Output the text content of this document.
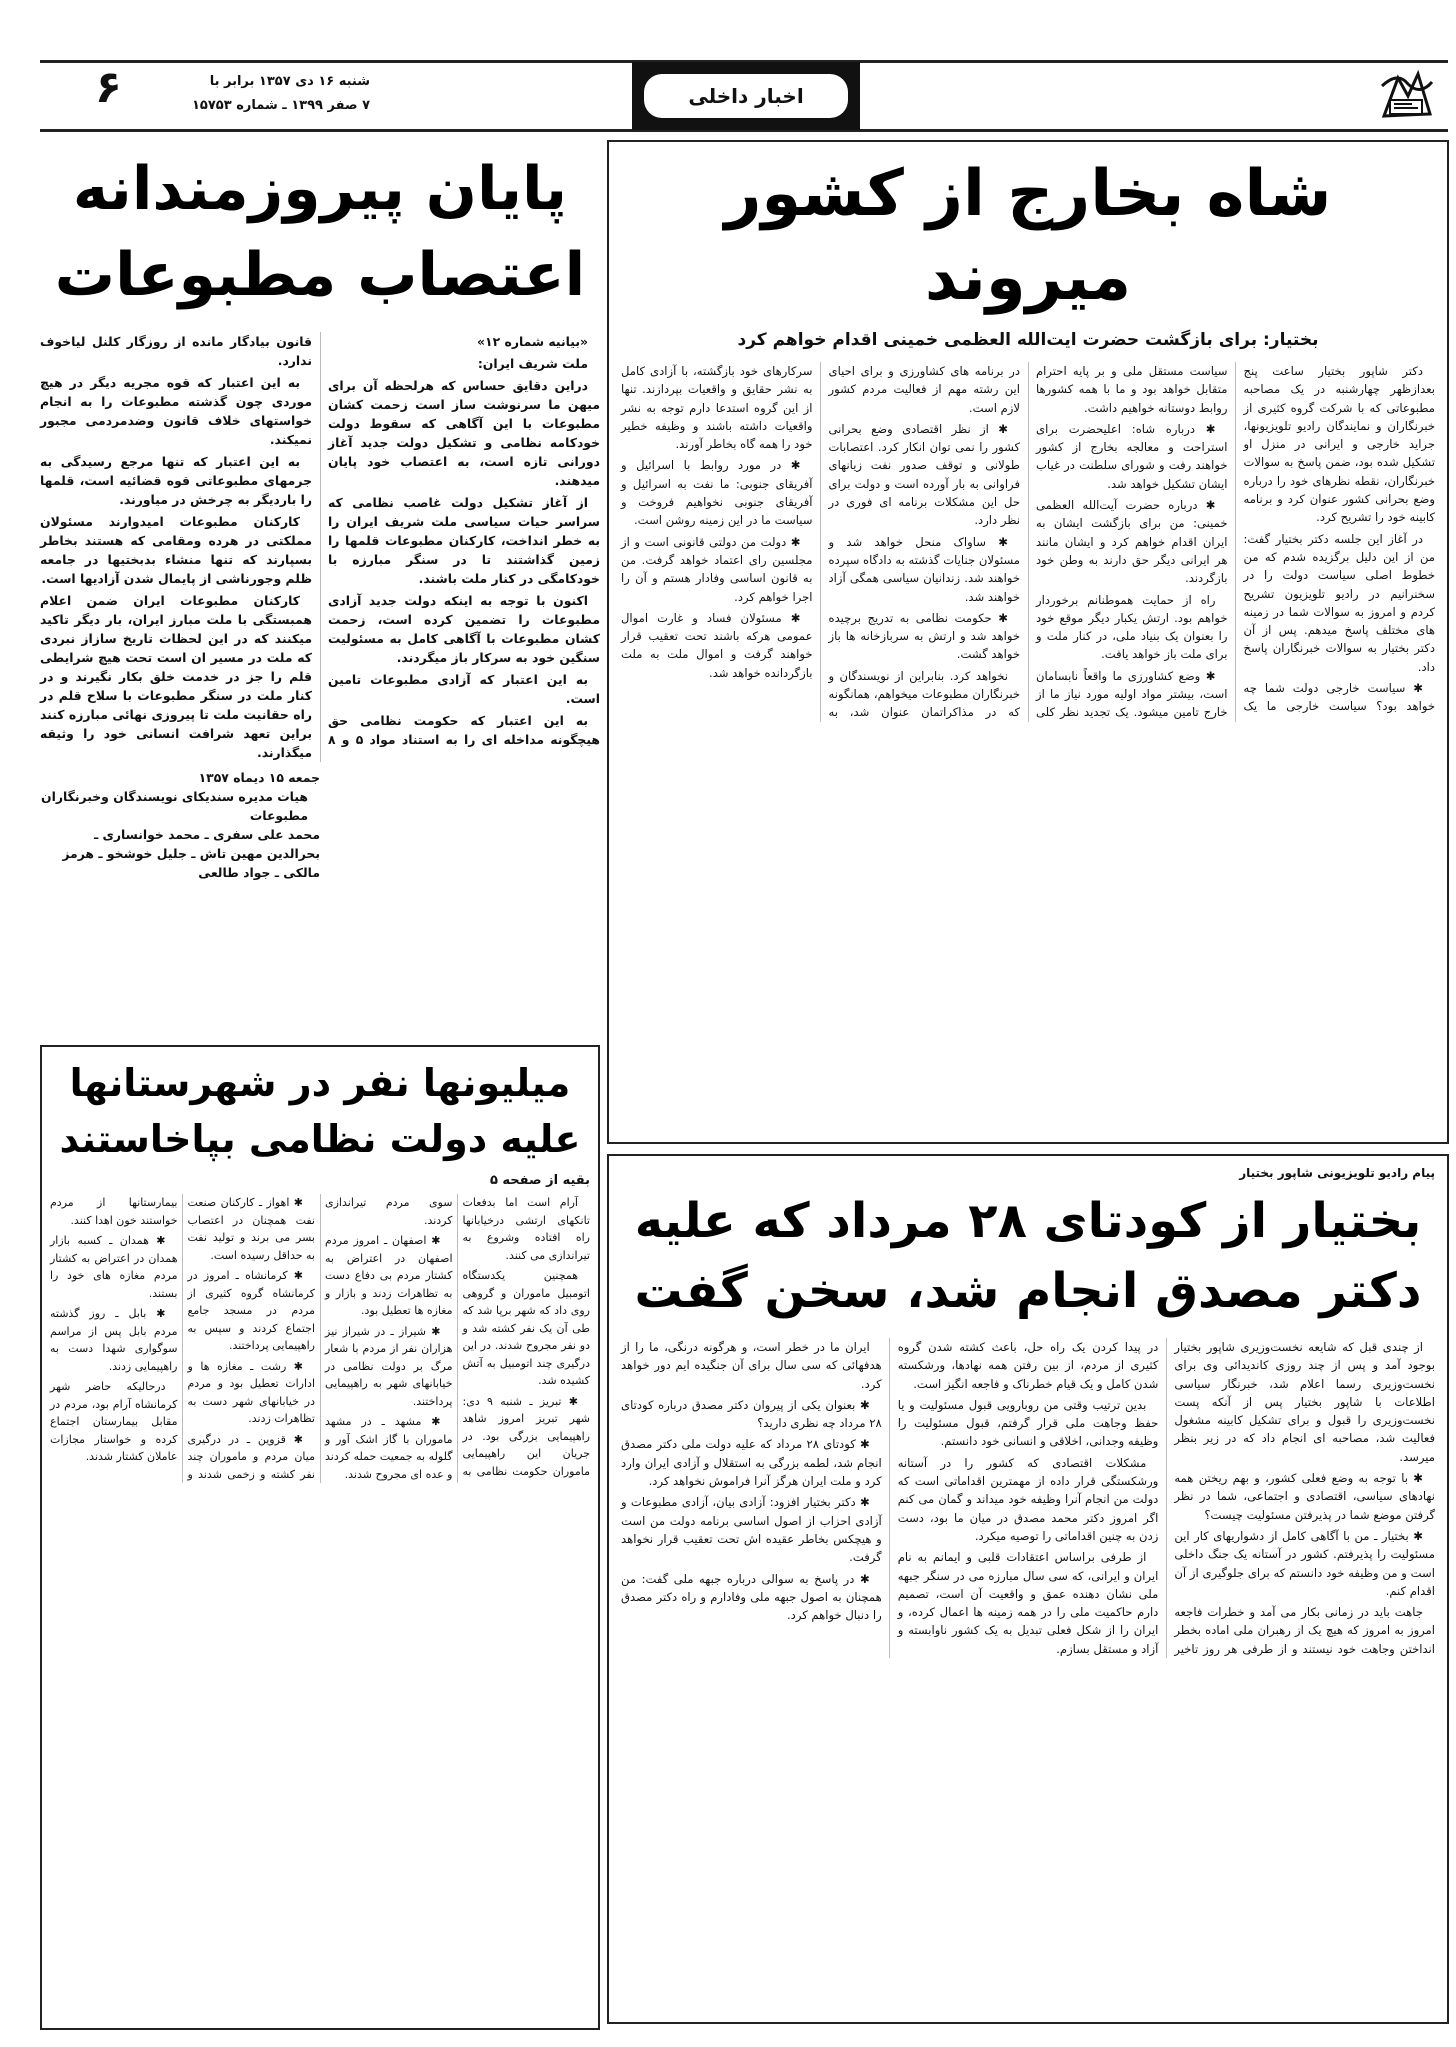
۶	شنبه ۱۶ دی ۱۳۵۷ برابر با
۷ صفر ۱۳۹۹ ـ شماره ۱۵۷۵۳	اخبار داخلی
شاه بخارج از کشور میروند
بختیار: برای بازگشت حضرت ایت‌الله العظمی خمینی اقدام خواهم کرد

دکتر شاپور بختیار ساعت پنج بعدازظهر چهارشنبه در یک مصاحبه مطبوعاتی که با شرکت گروه کثیری از خبرنگاران و نمایندگان رادیو تلویزیونها، جراید خارجی و ایرانی در منزل او تشکیل شده بود، ضمن پاسخ به سوالات خبرنگاران، نقطه نظرهای خود را درباره وضع بحرانی کشور عنوان کرد و برنامه کابینه خود را تشریح کرد.

در آغاز این جلسه دکتر بختیار گفت: من از این دلیل برگزیده شدم که من خطوط اصلی سیاست دولت را در سخنرانیم در رادیو تلویزیون تشریح کردم و امروز به سوالات شما در زمینه های مختلف پاسخ میدهم. پس از آن دکتر بختیار به سوالات خبرنگاران پاسخ داد.

✱ سیاست خارجی دولت شما چه خواهد بود؟ سیاست خارجی ما یک سیاست مستقل ملی و بر پایه احترام متقابل خواهد بود و ما با همه کشورها روابط دوستانه خواهیم داشت.

✱ درباره شاه: اعلیحضرت برای استراحت و معالجه بخارج از کشور خواهند رفت و شورای سلطنت در غیاب ایشان تشکیل خواهد شد.

✱ درباره حضرت آیت‌الله العظمی خمینی: من برای بازگشت ایشان به ایران اقدام خواهم کرد و ایشان مانند هر ایرانی دیگر حق دارند به وطن خود بازگردند.

راه از حمایت هموطنانم برخوردار خواهم بود. ارتش یکبار دیگر موقع خود را بعنوان یک بنیاد ملی، در کنار ملت و برای ملت باز خواهد یافت.

✱ وضع کشاورزی ما واقعاً نابسامان است، بیشتر مواد اولیه مورد نیاز ما از خارج تامین میشود. یک تجدید نظر کلی در برنامه های کشاورزی و برای احیای این رشته مهم از فعالیت مردم کشور لازم است.

✱ از نظر اقتصادی وضع بحرانی کشور را نمی توان انکار کرد. اعتصابات طولانی و توقف صدور نفت زیانهای فراوانی به بار آورده است و دولت برای حل این مشکلات برنامه ای فوری در نظر دارد.

✱ ساواک منحل خواهد شد و مسئولان جنایات گذشته به دادگاه سپرده خواهند شد. زندانیان سیاسی همگی آزاد خواهند شد.

✱ حکومت نظامی به تدریج برچیده خواهد شد و ارتش به سربازخانه ها باز خواهد گشت.

نخواهد کرد. بنابراین از نویسندگان و خبرنگاران مطبوعات میخواهم، همانگونه که در مذاکراتمان عنوان شد، به سرکارهای خود بازگشته، با آزادی کامل به نشر حقایق و واقعیات بپردازند. تنها از این گروه استدعا دارم توجه به نشر واقعیات داشته باشند و وظیفه خطیر خود را همه گاه بخاطر آورند.

✱ در مورد روابط با اسرائیل و آفریقای جنوبی: ما نفت به اسرائیل و آفریقای جنوبی نخواهیم فروخت و سیاست ما در این زمینه روشن است.

✱ دولت من دولتی قانونی است و از مجلسین رای اعتماد خواهد گرفت. من به قانون اساسی وفادار هستم و آن را اجرا خواهم کرد.

✱ مسئولان فساد و غارت اموال عمومی هرکه باشند تحت تعقیب قرار خواهند گرفت و اموال ملت به ملت بازگردانده خواهد شد.

پیام رادیو تلویزیونی شاپور بختیار
بختیار از کودتای ۲۸ مرداد که علیه
دکتر مصدق انجام شد، سخن گفت

از چندی قبل که شایعه نخست‌وزیری شاپور بختیار بوجود آمد و پس از چند روزی کاندیدائی وی برای نخست‌وزیری رسما اعلام شد، خبرنگار سیاسی اطلاعات با شاپور بختیار پس از آنکه پست نخست‌وزیری را قبول و برای تشکیل کابینه مشغول فعالیت شد، مصاحبه ای انجام داد که در زیر بنظر میرسد.

✱ با توجه به وضع فعلی کشور، و بهم ریختن همه نهادهای سیاسی، اقتصادی و اجتماعی، شما در نظر گرفتن موضع شما در پذیرفتن مسئولیت چیست؟

✱ بختیار ـ من با آگاهی کامل از دشواریهای کار این مسئولیت را پذیرفتم. کشور در آستانه یک جنگ داخلی است و من وظیفه خود دانستم که برای جلوگیری از آن اقدام کنم.

جاهت باید در زمانی بکار می آمد و خطرات فاجعه امروز به امروز که هیچ یک از رهبران ملی اماده بخطر انداختن وجاهت خود نیستند و از طرفی هر روز تاخیر در پیدا کردن یک راه حل، باعث کشته شدن گروه کثیری از مردم، از بین رفتن همه نهادها، ورشکسته شدن کامل و یک قیام خطرناک و فاجعه انگیز است.

بدین ترتیب وقتی من روبارویی قبول مسئولیت و یا حفظ وجاهت ملی قرار گرفتم، قبول مسئولیت را وظیفه وجدانی، اخلاقی و انسانی خود دانستم.

مشکلات اقتصادی که کشور را در آستانه ورشکستگی قرار داده از مهمترین اقداماتی است که دولت من انجام آنرا وظیفه خود میداند و گمان می کنم اگر امروز دکتر محمد مصدق در میان ما بود، دست زدن به چنین اقداماتی را توصیه میکرد.

از طرفی براساس اعتقادات قلبی و ایمانم به نام ایران و ایرانی، که سی سال مبارزه می در سنگر جبهه ملی نشان دهنده عمق و واقعیت آن است، تصمیم دارم حاکمیت ملی را در همه زمینه ها اعمال کرده، و ایران را از شکل فعلی تبدیل به یک کشور ناوابسته و آزاد و مستقل بسازم.

ایران ما در خطر است، و هرگونه درنگی، ما را از هدفهائی که سی سال برای آن جنگیده ایم دور خواهد کرد.

✱ بعنوان یکی از پیروان دکتر مصدق درباره کودتای ۲۸ مرداد چه نظری دارید؟

✱ کودتای ۲۸ مرداد که علیه دولت ملی دکتر مصدق انجام شد، لطمه بزرگی به استقلال و آزادی ایران وارد کرد و ملت ایران هرگز آنرا فراموش نخواهد کرد.

✱ دکتر بختیار افزود: آزادی بیان، آزادی مطبوعات و آزادی احزاب از اصول اساسی برنامه دولت من است و هیچکس بخاطر عقیده اش تحت تعقیب قرار نخواهد گرفت.

✱ در پاسخ به سوالی درباره جبهه ملی گفت: من همچنان به اصول جبهه ملی وفادارم و راه دکتر مصدق را دنبال خواهم کرد.

پایان پیروزمندانه
اعتصاب مطبوعات

«بیانیه شماره ۱۲»

ملت شریف ایران:

دراین دقایق حساس که هرلحظه آن برای میهن ما سرنوشت ساز است زحمت کشان مطبوعات با این آگاهی که سقوط دولت خودکامه نظامی و تشکیل دولت جدید آغاز دورانی تازه است، به اعتصاب خود پایان میدهند.

از آغاز تشکیل دولت غاصب نظامی که سراسر حیات سیاسی ملت شریف ایران را به خطر انداخت، کارکنان مطبوعات قلمها را زمین گذاشتند تا در سنگر مبارزه با خودکامگی در کنار ملت باشند.

اکنون با توجه به اینکه دولت جدید آزادی مطبوعات را تضمین کرده است، زحمت کشان مطبوعات با آگاهی کامل به مسئولیت سنگین خود به سرکار باز میگردند.

به این اعتبار که آزادی مطبوعات تامین است.

به این اعتبار که حکومت نظامی حق هیچگونه مداخله ای را به استناد مواد ۵ و ۸ قانون بیادگار مانده از روزگار کلنل لیاخوف ندارد.

به این اعتبار که قوه مجریه دیگر در هیچ موردی چون گذشته مطبوعات را به انجام خواستهای خلاف قانون وضدمردمی مجبور نمیکند.

به این اعتبار که تنها مرجع رسیدگی به جرمهای مطبوعاتی قوه قضائیه است، قلمها را باردیگر به چرخش در میاورند.

کارکنان مطبوعات امیدوارند مسئولان مملکتی در هرده ومقامی که هستند بخاطر بسپارند که تنها منشاء بدبختیها در جامعه ظلم وجورناشی از پایمال شدن آزادیها است.

کارکنان مطبوعات ایران ضمن اعلام همبستگی با ملت مبارز ایران، بار دیگر تاکید میکنند که در این لحظات تاریخ سازاز نبردی که ملت در مسیر ان است تحت هیچ شرایطی قلم را جز در خدمت خلق بکار نگیرند و در کنار ملت در سنگر مطبوعات با سلاح قلم در راه حقانیت ملت تا پیروزی نهائی مبارزه کنند براین تعهد شرافت انسانی خود را وثیقه میگذارند.

جمعه ۱۵ دیماه ۱۳۵۷
هیات مدیره سندیکای نویسندگان وخبرنگاران مطبوعات
محمد علی سفری ـ محمد خوانساری ـ بحرالدین مهین تاش ـ جلیل خوشخو ـ هرمز مالکی ـ جواد طالعی
میلیونها نفر در شهرستانها
علیه دولت نظامی بپاخاستند
بقیه از صفحه ۵

آرام است اما بدفعات تانکهای ارتشی درخیابانها راه افتاده وشروع به تیراندازی می کنند.

همچنین یکدستگاه اتومبیل ماموران و گروهی روی داد که شهر برپا شد که طی آن یک نفر کشته شد و دو نفر مجروح شدند. در این درگیری چند اتومبیل به آتش کشیده شد.

✱ تبریز ـ شنبه ۹ دی: شهر تبریز امروز شاهد راهپیمایی بزرگی بود. در جریان این راهپیمایی ماموران حکومت نظامی به سوی مردم تیراندازی کردند.

✱ اصفهان ـ امروز مردم اصفهان در اعتراض به کشتار مردم بی دفاع دست به تظاهرات زدند و بازار و مغازه ها تعطیل بود.

✱ شیراز ـ در شیراز نیز هزاران نفر از مردم با شعار مرگ بر دولت نظامی در خیابانهای شهر به راهپیمایی پرداختند.

✱ مشهد ـ در مشهد ماموران با گاز اشک آور و گلوله به جمعیت حمله کردند و عده ای مجروح شدند.

✱ اهواز ـ کارکنان صنعت نفت همچنان در اعتصاب بسر می برند و تولید نفت به حداقل رسیده است.

✱ کرمانشاه ـ امروز در کرمانشاه گروه کثیری از مردم در مسجد جامع اجتماع کردند و سپس به راهپیمایی پرداختند.

✱ رشت ـ مغازه ها و ادارات تعطیل بود و مردم در خیابانهای شهر دست به تظاهرات زدند.

✱ قزوین ـ در درگیری میان مردم و ماموران چند نفر کشته و زخمی شدند و بیمارستانها از مردم خواستند خون اهدا کنند.

✱ همدان ـ کسبه بازار همدان در اعتراض به کشتار مردم مغازه های خود را بستند.

✱ بابل ـ روز گذشته مردم بابل پس از مراسم سوگواری شهدا دست به راهپیمایی زدند.

درحالیکه حاضر شهر کرمانشاه آرام بود، مردم در مقابل بیمارستان اجتماع کرده و خواستار مجازات عاملان کشتار شدند.
